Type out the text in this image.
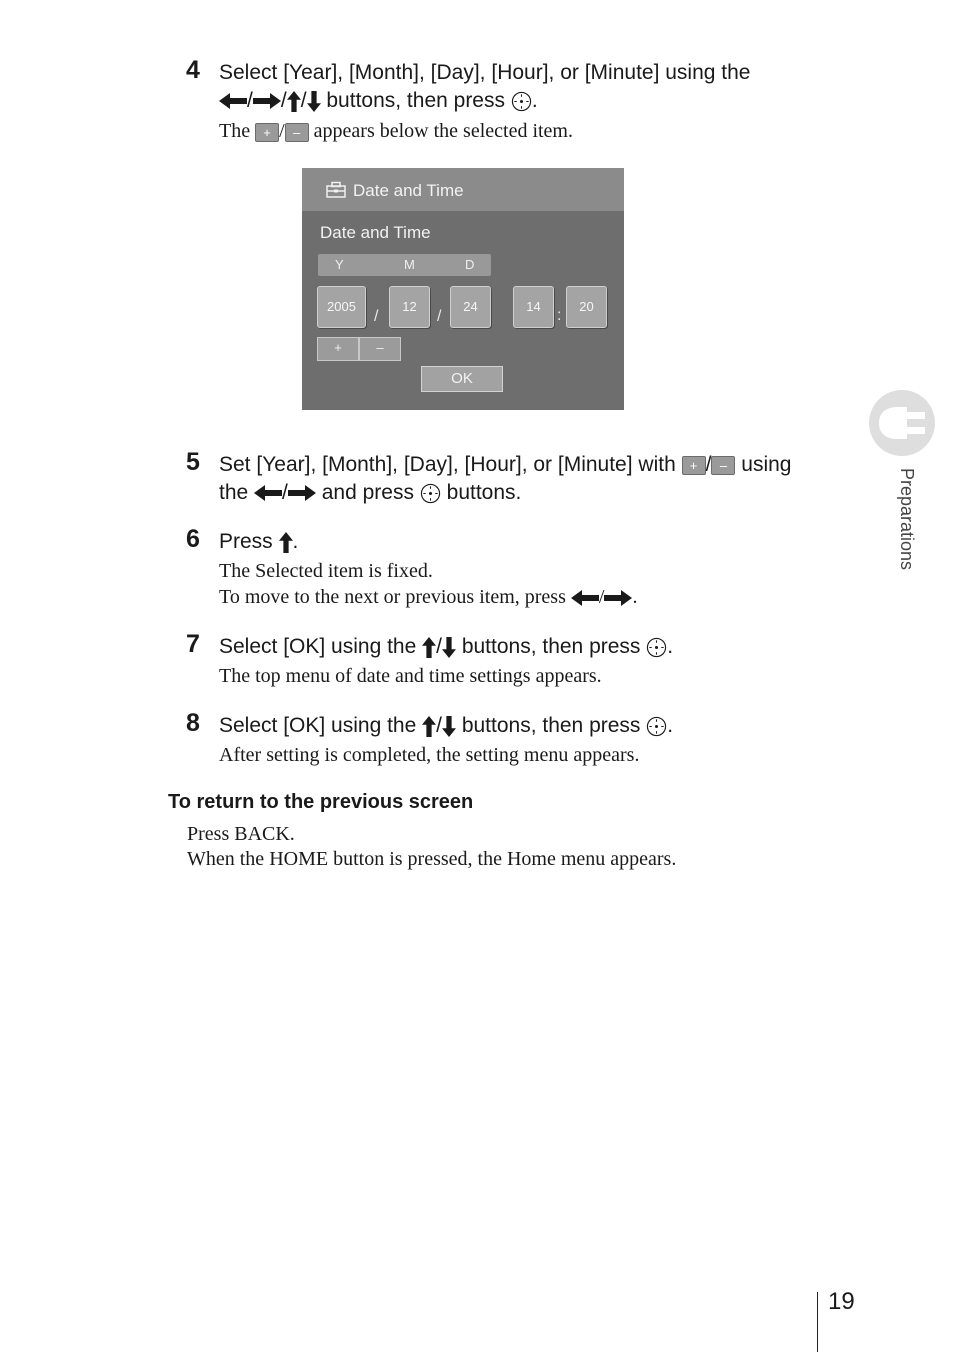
4 Select [Year], [Month], [Day], [Hour], or [Minute] using the
/ / / buttons, then press .
The + / – appears below the selected item.
Date and Time
Date and Time
Y	M	D
2005
/
12
/
24	14
:
20
+	–
OK
5 Set [Year], [Month], [Day], [Hour], or [Minute] with + / – using
the / and press buttons.
6 Press .
The Selected item is fixed.
To move to the next or previous item, press / .
7 Select [OK] using the / buttons, then press .
The top menu of date and time settings appears.
8 Select [OK] using the / buttons, then press .
After setting is completed, the setting menu appears.
To return to the previous screen
Press BACK.
When the HOME button is pressed, the Home menu appears.
Preparations
19
